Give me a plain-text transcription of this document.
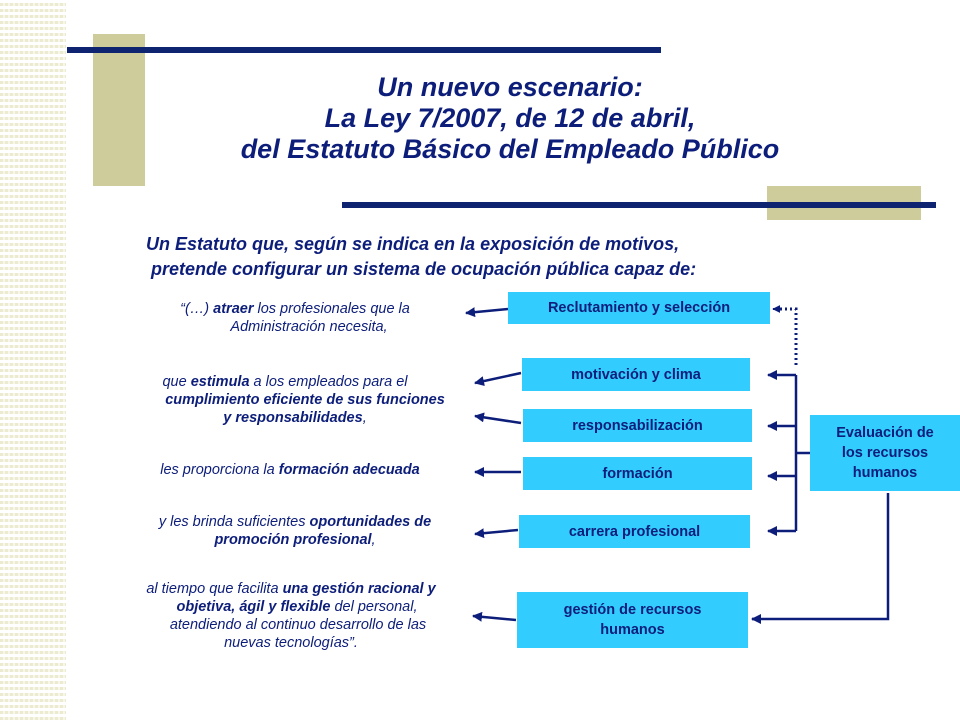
Un nuevo escenario:
La Ley 7/2007, de 12 de abril,
del Estatuto Básico del Empleado Público
Un Estatuto que, según se indica en la exposición de motivos,
pretende configurar un sistema de ocupación pública capaz de:
“(…) atraer los profesionales que la
Administración necesita,
que estimula a los empleados para el
cumplimiento eficiente de sus funciones
y responsabilidades,
les proporciona la formación adecuada
y les brinda suficientes oportunidades de
promoción profesional,
al tiempo que facilita una gestión racional y
objetiva, ágil y flexible del personal,
atendiendo al continuo desarrollo de las
nuevas tecnologías”.
Reclutamiento y selección
motivación y clima
responsabilización
formación
carrera profesional
gestión de recursos
humanos
Evaluación de
los recursos
humanos
